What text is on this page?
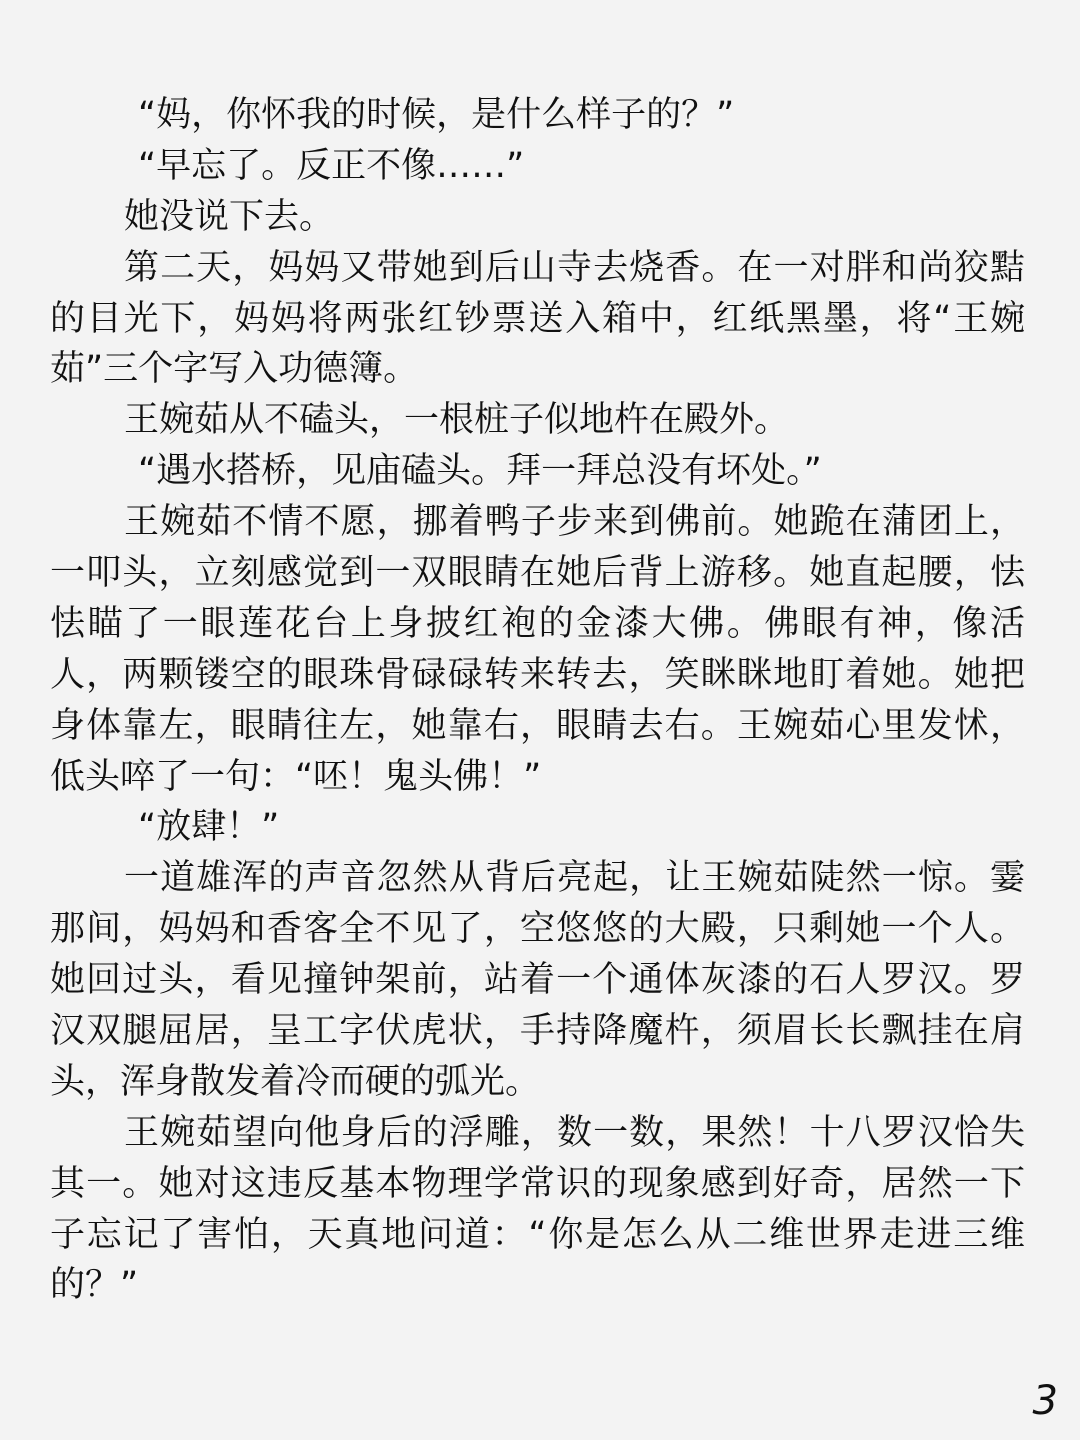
“妈，你怀我的时候，是什么样子的？”
“早忘了。反正不像……”
她没说下去。
第二天，妈妈又带她到后山寺去烧香。在一对胖和尚狡黠
的目光下，妈妈将两张红钞票送入箱中，红纸黑墨，将“王婉
茹”三个字写入功德簿。
王婉茹从不磕头，一根桩子似地杵在殿外。
“遇水搭桥，见庙磕头。拜一拜总没有坏处。”
王婉茹不情不愿，挪着鸭子步来到佛前。她跪在蒲团上，
一叩头，立刻感觉到一双眼睛在她后背上游移。她直起腰，怯
怯瞄了一眼莲花台上身披红袍的金漆大佛。佛眼有神，像活
人，两颗镂空的眼珠骨碌碌转来转去，笑眯眯地盯着她。她把
身体靠左，眼睛往左，她靠右，眼睛去右。王婉茹心里发怵，
低头啐了一句：“呸！鬼头佛！”
“放肆！”
一道雄浑的声音忽然从背后亮起，让王婉茹陡然一惊。霎
那间，妈妈和香客全不见了，空悠悠的大殿，只剩她一个人。
她回过头，看见撞钟架前，站着一个通体灰漆的石人罗汉。罗
汉双腿屈居，呈工字伏虎状，手持降魔杵，须眉长长飘挂在肩
头，浑身散发着冷而硬的弧光。
王婉茹望向他身后的浮雕，数一数，果然！十八罗汉恰失
其一。她对这违反基本物理学常识的现象感到好奇，居然一下
子忘记了害怕，天真地问道：“你是怎么从二维世界走进三维
的？”
3
